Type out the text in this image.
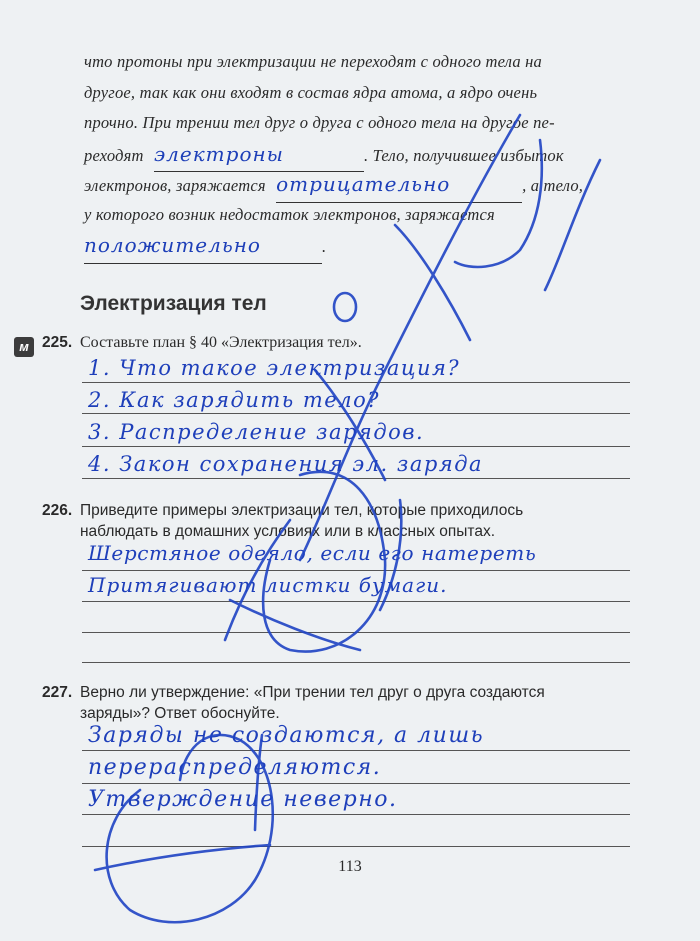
что протоны при электризации не переходят с одного тела на
другое, так как они входят в состав ядра атома, а ядро очень
прочно. При трении тел друг о друга с одного тела на другое пе-
реходят электроны	. Тело, получившее избыток
электронов, заряжается отрицательно	, а тело,
у которого возник недостаток электронов, заряжается
положительно	.
Электризация тел
м 225. Составьте план § 40 «Электризация тел».
1. Что такое электризация?
2. Как зарядить тело?
3. Распределение зарядов.
4. Закон сохранения эл. заряда
226. Приведите примеры электризации тел, которые приходилось
наблюдать в домашних условиях или в классных опытах.
Шерстяное одеяло, если его натереть
Притягивают листки бумаги.
227. Верно ли утверждение: «При трении тел друг о друга создаются
заряды»? Ответ обоснуйте.
Заряды не создаются, а лишь
перераспределяются.
Утверждение неверно.
113
